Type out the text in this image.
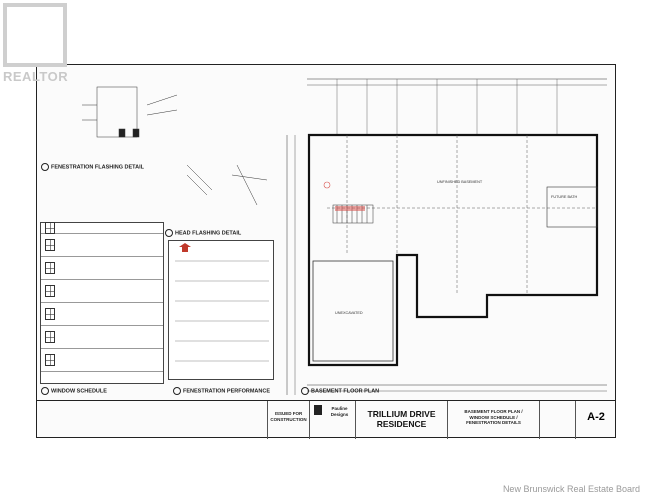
FENESTRATION FLASHING DETAIL
HEAD FLASHING DETAIL
WINDOW SCHEDULE	FENESTRATION PERFORMANCE	BASEMENT FLOOR PLAN
UNFINISHED BASEMENT
UNEXCAVATED
FUTURE BATH
ISSUED FOR
CONSTRUCTION
Pauline Designs	TRILLIUM DRIVE
RESIDENCE
BASEMENT FLOOR PLAN /
WINDOW SCHEDULE /
FENESTRATION DETAILS	A-2
REALTOR
New Brunswick Real Estate Board
